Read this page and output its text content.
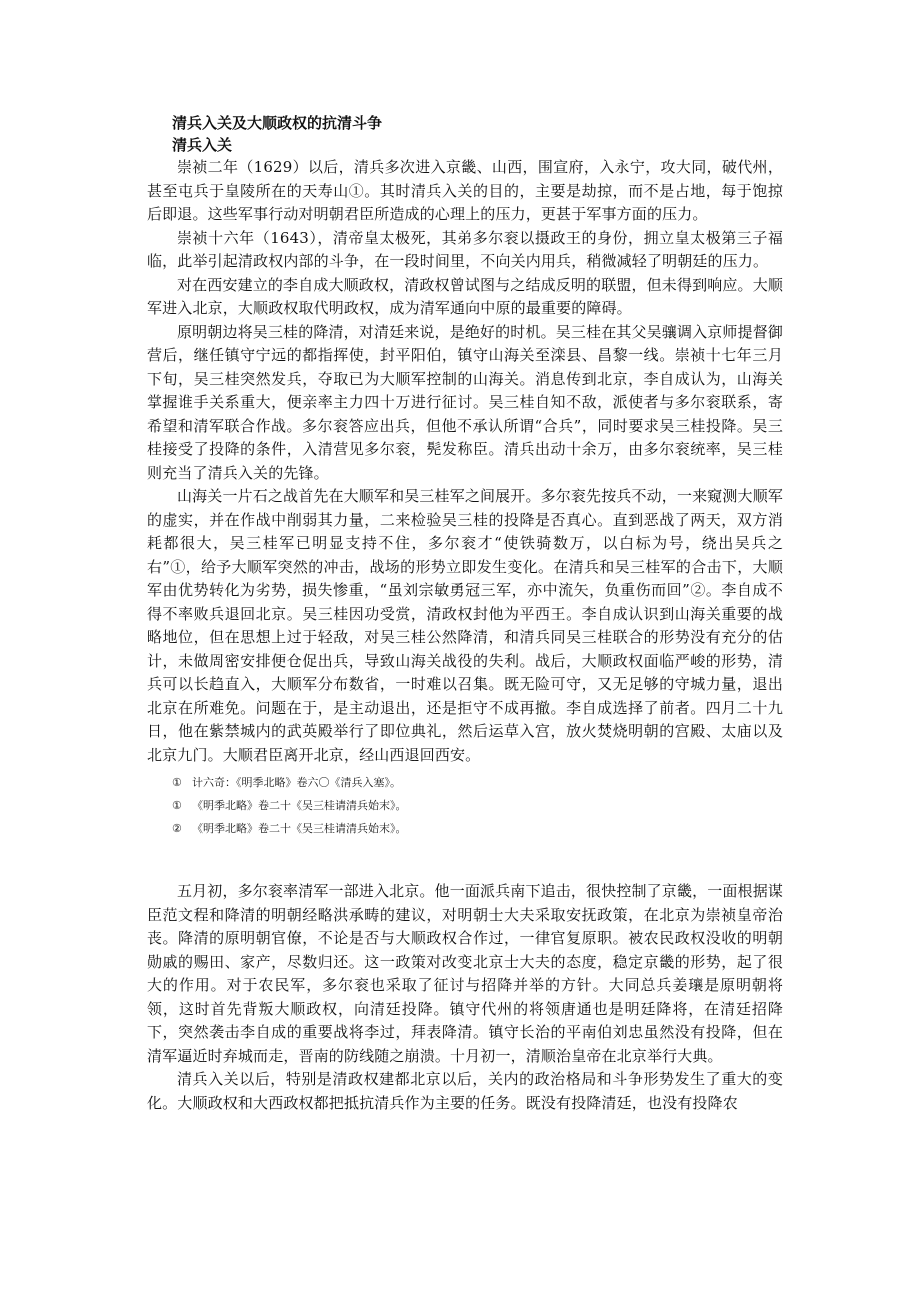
清兵入关及大顺政权的抗清斗争

清兵入关

崇祯二年（1629）以后，清兵多次进入京畿、山西，围宣府，入永宁，攻大同，破代州，甚至屯兵于皇陵所在的天寿山①。其时清兵入关的目的，主要是劫掠，而不是占地，每于饱掠后即退。这些军事行动对明朝君臣所造成的心理上的压力，更甚于军事方面的压力。

崇祯十六年（1643），清帝皇太极死，其弟多尔衮以摄政王的身份，拥立皇太极第三子福临，此举引起清政权内部的斗争，在一段时间里，不向关内用兵，稍微减轻了明朝廷的压力。

对在西安建立的李自成大顺政权，清政权曾试图与之结成反明的联盟，但未得到响应。大顺军进入北京，大顺政权取代明政权，成为清军通向中原的最重要的障碍。

原明朝边将吴三桂的降清，对清廷来说，是绝好的时机。吴三桂在其父吴骧调入京师提督御营后，继任镇守宁远的都指挥使，封平阳伯，镇守山海关至滦县、昌黎一线。崇祯十七年三月下旬，吴三桂突然发兵，夺取已为大顺军控制的山海关。消息传到北京，李自成认为，山海关掌握谁手关系重大，便亲率主力四十万进行征讨。吴三桂自知不敌，派使者与多尔衮联系，寄希望和清军联合作战。多尔衮答应出兵，但他不承认所谓“合兵”，同时要求吴三桂投降。吴三桂接受了投降的条件，入清营见多尔衮，髡发称臣。清兵出动十余万，由多尔衮统率，吴三桂则充当了清兵入关的先锋。

山海关一片石之战首先在大顺军和吴三桂军之间展开。多尔衮先按兵不动，一来窥测大顺军的虚实，并在作战中削弱其力量，二来检验吴三桂的投降是否真心。直到恶战了两天，双方消耗都很大，吴三桂军已明显支持不住，多尔衮才“使铁骑数万，以白标为号，绕出吴兵之右”①，给予大顺军突然的冲击，战场的形势立即发生变化。在清兵和吴三桂军的合击下，大顺军由优势转化为劣势，损失惨重，“虽刘宗敏勇冠三军，亦中流矢，负重伤而回”②。李自成不得不率败兵退回北京。吴三桂因功受赏，清政权封他为平西王。李自成认识到山海关重要的战略地位，但在思想上过于轻敌，对吴三桂公然降清，和清兵同吴三桂联合的形势没有充分的估计，未做周密安排便仓促出兵，导致山海关战役的失利。战后，大顺政权面临严峻的形势，清兵可以长趋直入，大顺军分布数省，一时难以召集。既无险可守，又无足够的守城力量，退出北京在所难免。问题在于，是主动退出，还是拒守不成再撤。李自成选择了前者。四月二十九日，他在紫禁城内的武英殿举行了即位典礼，然后运草入宫，放火焚烧明朝的宫殿、太庙以及北京九门。大顺君臣离开北京，经山西退回西安。

① 计六奇：《明季北略》卷六〇《清兵入塞》。

① 《明季北略》卷二十《吴三桂请清兵始末》。

② 《明季北略》卷二十《吴三桂请清兵始末》。

五月初，多尔衮率清军一部进入北京。他一面派兵南下追击，很快控制了京畿，一面根据谋臣范文程和降清的明朝经略洪承畴的建议，对明朝士大夫采取安抚政策，在北京为崇祯皇帝治丧。降清的原明朝官僚，不论是否与大顺政权合作过，一律官复原职。被农民政权没收的明朝勋戚的赐田、家产，尽数归还。这一政策对改变北京士大夫的态度，稳定京畿的形势，起了很大的作用。对于农民军，多尔衮也采取了征讨与招降并举的方针。大同总兵姜瓖是原明朝将领，这时首先背叛大顺政权，向清廷投降。镇守代州的将领唐通也是明廷降将，在清廷招降下，突然袭击李自成的重要战将李过，拜表降清。镇守长治的平南伯刘忠虽然没有投降，但在清军逼近时弃城而走，晋南的防线随之崩溃。十月初一，清顺治皇帝在北京举行大典。

清兵入关以后，特别是清政权建都北京以后，关内的政治格局和斗争形势发生了重大的变化。大顺政权和大西政权都把抵抗清兵作为主要的任务。既没有投降清廷，也没有投降农
